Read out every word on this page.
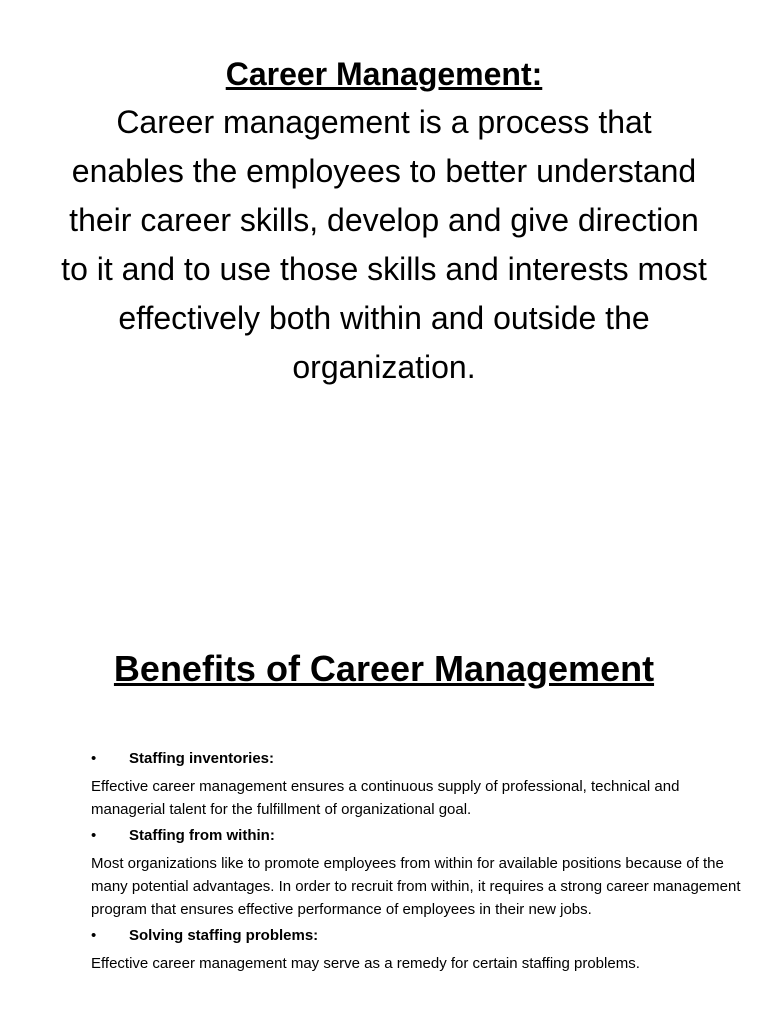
Career Management:

Career management is a process that enables the employees to better understand their career skills, develop and give direction to it and to use those skills and interests most effectively both within and outside the organization.

Benefits of Career Management
• Staffing inventories:

Effective career management ensures a continuous supply of professional, technical and managerial talent for the fulfillment of organizational goal.

• Staffing from within:

Most organizations like to promote employees from within for available positions because of the many potential advantages. In order to recruit from within, it requires a strong career management program that ensures effective performance of employees in their new jobs.

• Solving staffing problems:

Effective career management may serve as a remedy for certain staffing problems.
